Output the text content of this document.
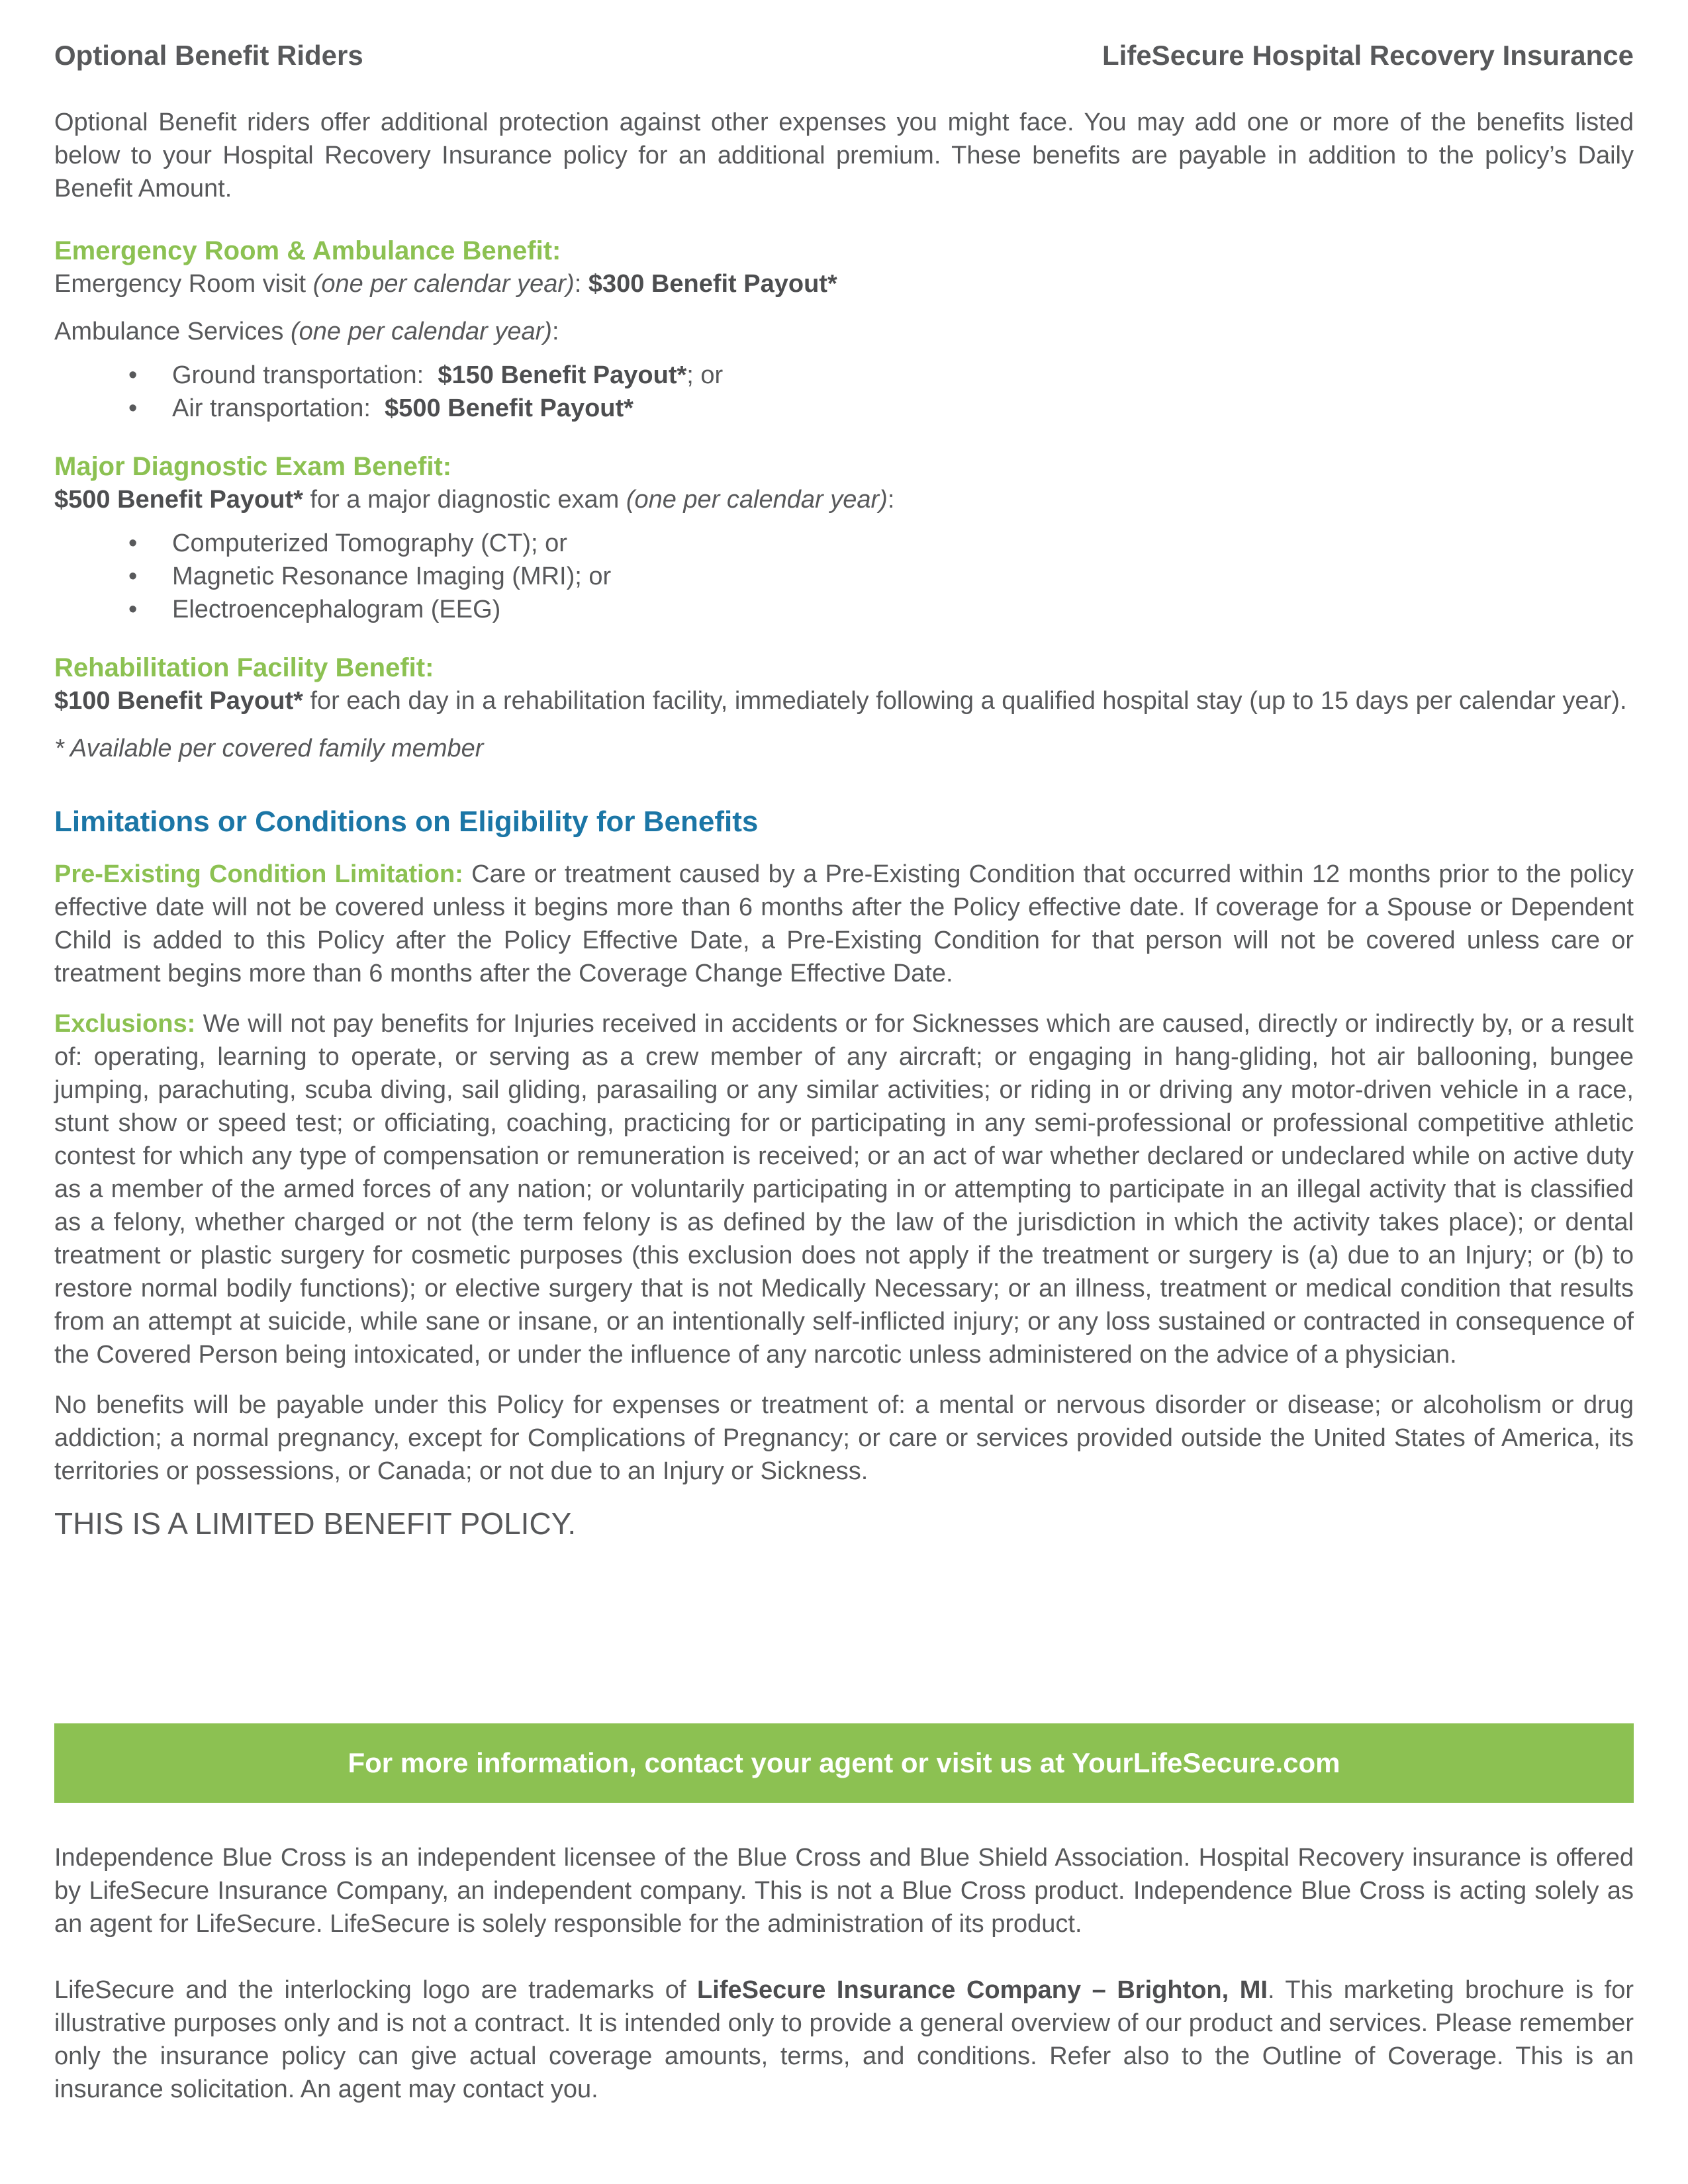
Optional Benefit Riders	LifeSecure Hospital Recovery Insurance

Optional Benefit riders offer additional protection against other expenses you might face. You may add one or more of the benefits listed below to your Hospital Recovery Insurance policy for an additional premium. These benefits are payable in addition to the policy’s Daily Benefit Amount.

Emergency Room & Ambulance Benefit:

Emergency Room visit (one per calendar year): $300 Benefit Payout*

Ambulance Services (one per calendar year):

• Ground transportation: $150 Benefit Payout*; or
• Air transportation: $500 Benefit Payout*

Major Diagnostic Exam Benefit:

$500 Benefit Payout* for a major diagnostic exam (one per calendar year):

• Computerized Tomography (CT); or
• Magnetic Resonance Imaging (MRI); or
• Electroencephalogram (EEG)

Rehabilitation Facility Benefit:

$100 Benefit Payout* for each day in a rehabilitation facility, immediately following a qualified hospital stay (up to 15 days per calendar year).

* Available per covered family member

Limitations or Conditions on Eligibility for Benefits

Pre-Existing Condition Limitation: Care or treatment caused by a Pre-Existing Condition that occurred within 12 months prior to the policy effective date will not be covered unless it begins more than 6 months after the Policy effective date. If coverage for a Spouse or Dependent Child is added to this Policy after the Policy Effective Date, a Pre-Existing Condition for that person will not be covered unless care or treatment begins more than 6 months after the Coverage Change Effective Date.

Exclusions: We will not pay benefits for Injuries received in accidents or for Sicknesses which are caused, directly or indirectly by, or a result of: operating, learning to operate, or serving as a crew member of any aircraft; or engaging in hang-gliding, hot air ballooning, bungee jumping, parachuting, scuba diving, sail gliding, parasailing or any similar activities; or riding in or driving any motor-driven vehicle in a race, stunt show or speed test; or officiating, coaching, practicing for or participating in any semi-professional or professional competitive athletic contest for which any type of compensation or remuneration is received; or an act of war whether declared or undeclared while on active duty as a member of the armed forces of any nation; or voluntarily participating in or attempting to participate in an illegal activity that is classified as a felony, whether charged or not (the term felony is as defined by the law of the jurisdiction in which the activity takes place); or dental treatment or plastic surgery for cosmetic purposes (this exclusion does not apply if the treatment or surgery is (a) due to an Injury; or (b) to restore normal bodily functions); or elective surgery that is not Medically Necessary; or an illness, treatment or medical condition that results from an attempt at suicide, while sane or insane, or an intentionally self-inflicted injury; or any loss sustained or contracted in consequence of the Covered Person being intoxicated, or under the influence of any narcotic unless administered on the advice of a physician.

No benefits will be payable under this Policy for expenses or treatment of: a mental or nervous disorder or disease; or alcoholism or drug addiction; a normal pregnancy, except for Complications of Pregnancy; or care or services provided outside the United States of America, its territories or possessions, or Canada; or not due to an Injury or Sickness.

THIS IS A LIMITED BENEFIT POLICY.

For more information, contact your agent or visit us at YourLifeSecure.com

Independence Blue Cross is an independent licensee of the Blue Cross and Blue Shield Association. Hospital Recovery insurance is offered by LifeSecure Insurance Company, an independent company. This is not a Blue Cross product. Independence Blue Cross is acting solely as an agent for LifeSecure. LifeSecure is solely responsible for the administration of its product.

LifeSecure and the interlocking logo are trademarks of LifeSecure Insurance Company – Brighton, MI. This marketing brochure is for illustrative purposes only and is not a contract. It is intended only to provide a general overview of our product and services. Please remember only the insurance policy can give actual coverage amounts, terms, and conditions. Refer also to the Outline of Coverage. This is an insurance solicitation. An agent may contact you.
